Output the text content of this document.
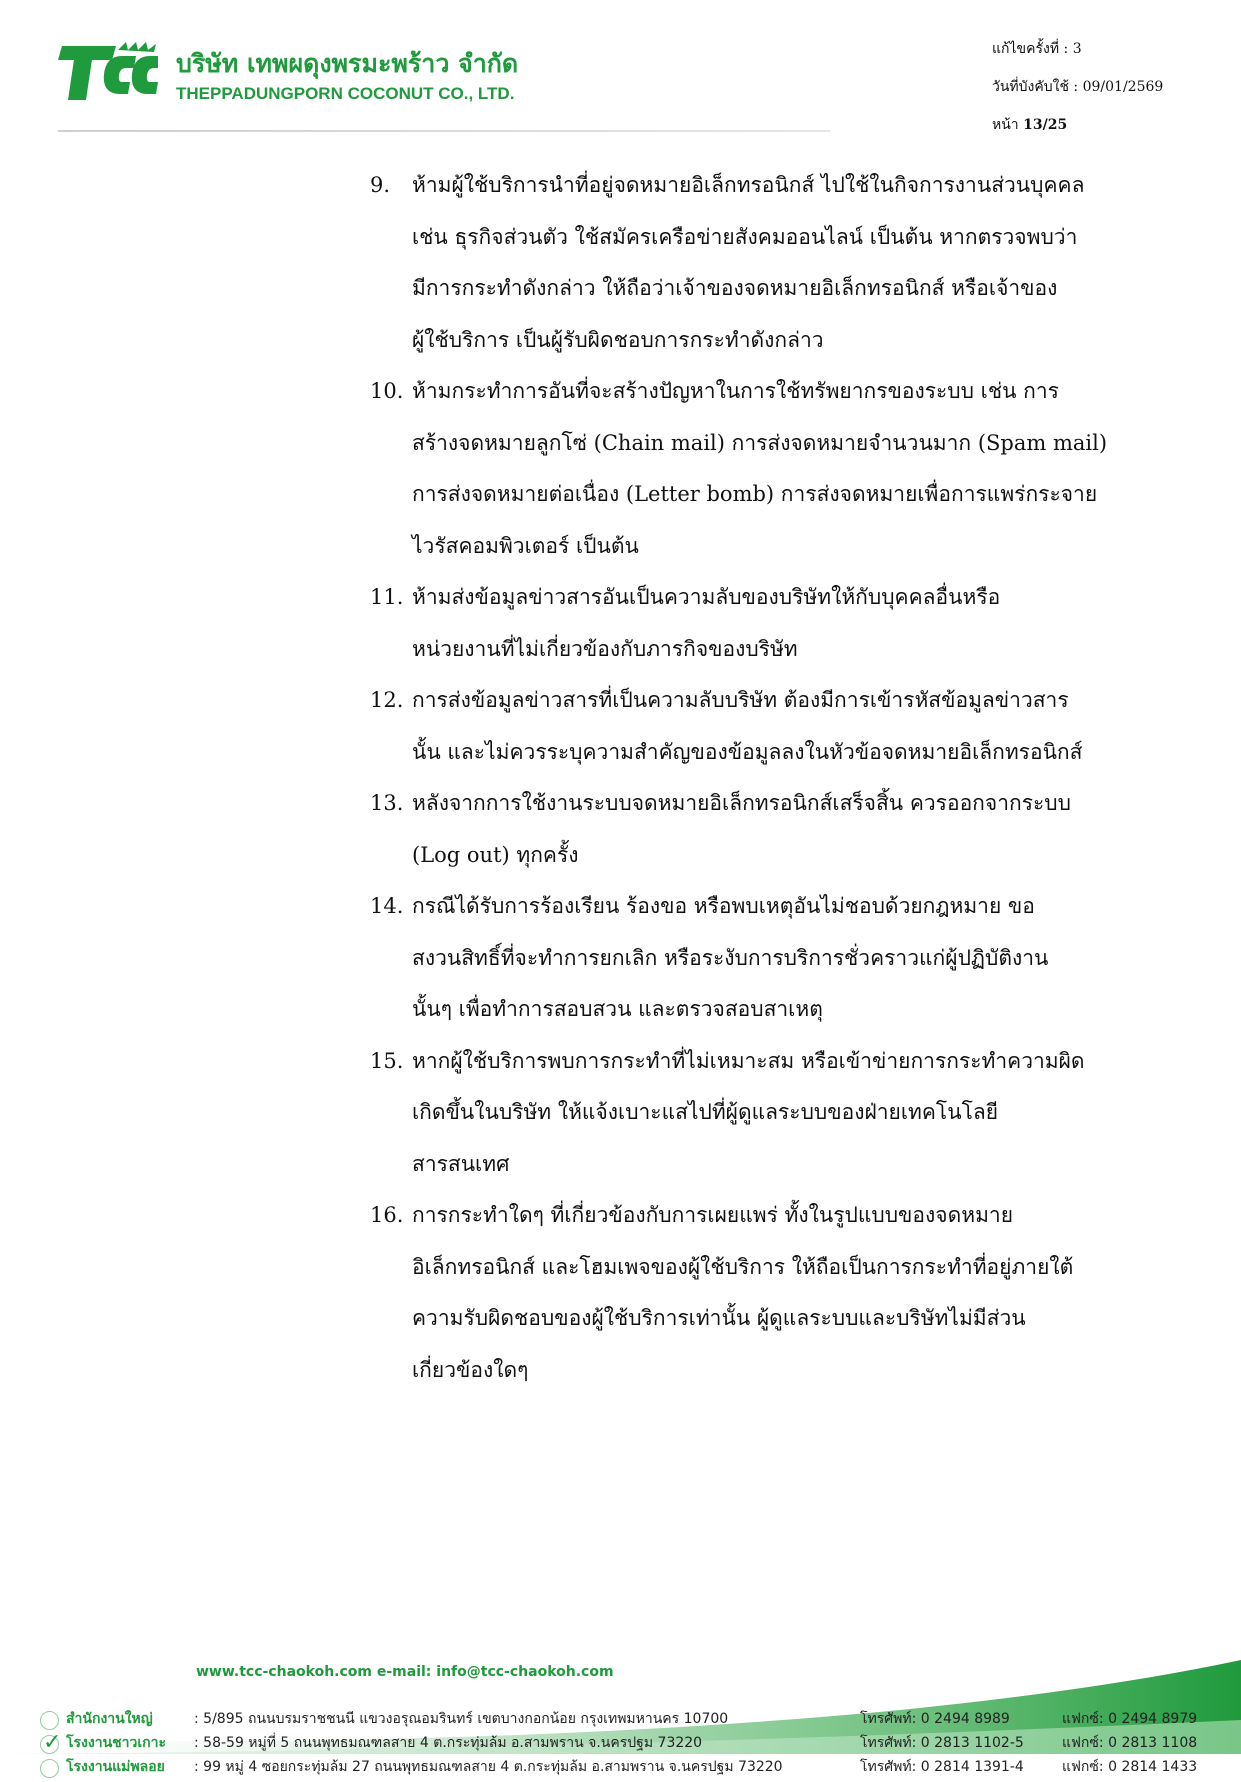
TCC
บริษัท เทพผดุงพรมะพร้าว จำกัด
THEPPADUNGPORN COCONUT CO., LTD.
แก้ไขครั้งที่ : 3
วันที่บังคับใช้ : 09/01/2569
หน้า 13/25
9. ห้ามผู้ใช้บริการนำที่อยู่จดหมายอิเล็กทรอนิกส์ ไปใช้ในกิจการงานส่วนบุคคล
เช่น ธุรกิจส่วนตัว ใช้สมัครเครือข่ายสังคมออนไลน์ เป็นต้น หากตรวจพบว่า
มีการกระทำดังกล่าว ให้ถือว่าเจ้าของจดหมายอิเล็กทรอนิกส์ หรือเจ้าของ
ผู้ใช้บริการ เป็นผู้รับผิดชอบการกระทำดังกล่าว
10. ห้ามกระทำการอันที่จะสร้างปัญหาในการใช้ทรัพยากรของระบบ เช่น การ
สร้างจดหมายลูกโซ่ (Chain mail) การส่งจดหมายจำนวนมาก (Spam mail)
การส่งจดหมายต่อเนื่อง (Letter bomb) การส่งจดหมายเพื่อการแพร่กระจาย
ไวรัสคอมพิวเตอร์ เป็นต้น
11. ห้ามส่งข้อมูลข่าวสารอันเป็นความลับของบริษัทให้กับบุคคลอื่นหรือ
หน่วยงานที่ไม่เกี่ยวข้องกับภารกิจของบริษัท
12. การส่งข้อมูลข่าวสารที่เป็นความลับบริษัท ต้องมีการเข้ารหัสข้อมูลข่าวสาร
นั้น และไม่ควรระบุความสำคัญของข้อมูลลงในหัวข้อจดหมายอิเล็กทรอนิกส์
13. หลังจากการใช้งานระบบจดหมายอิเล็กทรอนิกส์เสร็จสิ้น ควรออกจากระบบ
(Log out) ทุกครั้ง
14. กรณีได้รับการร้องเรียน ร้องขอ หรือพบเหตุอันไม่ชอบด้วยกฎหมาย ขอ
สงวนสิทธิ์ที่จะทำการยกเลิก หรือระงับการบริการชั่วคราวแก่ผู้ปฏิบัติงาน
นั้นๆ เพื่อทำการสอบสวน และตรวจสอบสาเหตุ
15. หากผู้ใช้บริการพบการกระทำที่ไม่เหมาะสม หรือเข้าข่ายการกระทำความผิด
เกิดขึ้นในบริษัท ให้แจ้งเบาะแสไปที่ผู้ดูแลระบบของฝ่ายเทคโนโลยี
สารสนเทศ
16. การกระทำใดๆ ที่เกี่ยวข้องกับการเผยแพร่ ทั้งในรูปแบบของจดหมาย
อิเล็กทรอนิกส์ และโฮมเพจของผู้ใช้บริการ ให้ถือเป็นการกระทำที่อยู่ภายใต้
ความรับผิดชอบของผู้ใช้บริการเท่านั้น ผู้ดูแลระบบและบริษัทไม่มีส่วน
เกี่ยวข้องใดๆ
สำนักงานใหญ่	: 5/895 ถนนบรมราชชนนี แขวงอรุณอมรินทร์ เขตบางกอกน้อย กรุงเทพมหานคร 10700	โทรศัพท์: 0 2494 8989	แฟกซ์: 0 2494 8979
✓ โรงงานชาวเกาะ : 58-59 หมู่ที่ 5 ถนนพุทธมณฑลสาย 4 ต.กระทุ่มล้ม อ.สามพราน จ.นครปฐม 73220	โทรศัพท์: 0 2813 1102-5	แฟกซ์: 0 2813 1108
โรงงานแม่พลอย : 99 หมู่ 4 ซอยกระทุ่มล้ม 27 ถนนพุทธมณฑลสาย 4 ต.กระทุ่มล้ม อ.สามพราน จ.นครปฐม 73220	โทรศัพท์: 0 2814 1391-4	แฟกซ์: 0 2814 1433
www.tcc-chaokoh.com e-mail: info@tcc-chaokoh.com
